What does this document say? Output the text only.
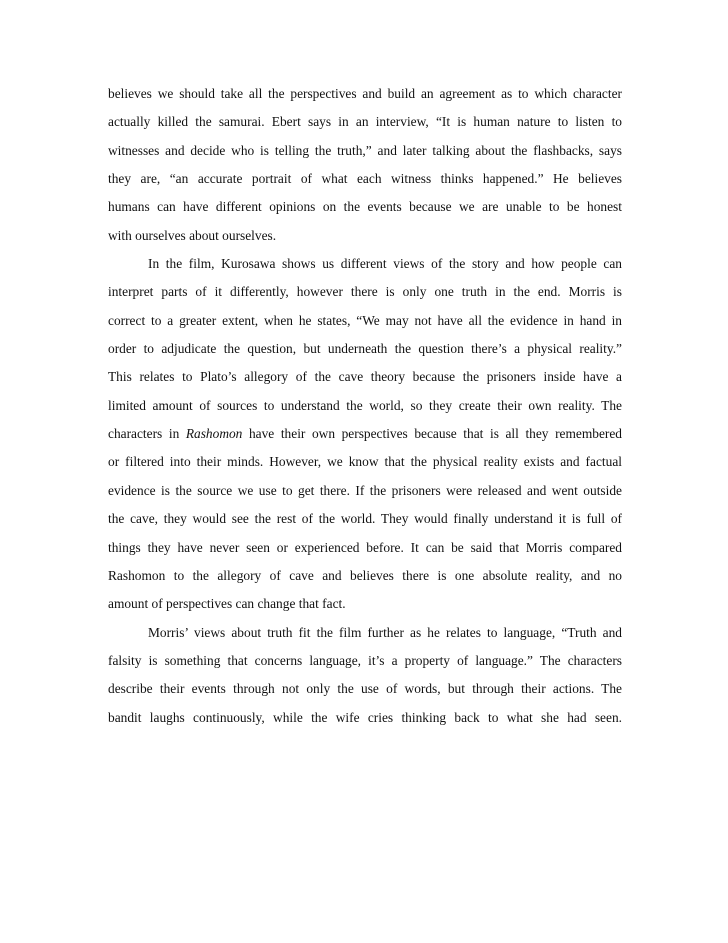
believes we should take all the perspectives and build an agreement as to which character
actually killed the samurai. Ebert says in an interview, “It is human nature to listen to
witnesses and decide who is telling the truth,” and later talking about the flashbacks, says
they are, “an accurate portrait of what each witness thinks happened.” He believes
humans can have different opinions on the events because we are unable to be honest
with ourselves about ourselves.
In the film, Kurosawa shows us different views of the story and how people can
interpret parts of it differently, however there is only one truth in the end. Morris is
correct to a greater extent, when he states, “We may not have all the evidence in hand in
order to adjudicate the question, but underneath the question there’s a physical reality.”
This relates to Plato’s allegory of the cave theory because the prisoners inside have a
limited amount of sources to understand the world, so they create their own reality. The
characters in Rashomon have their own perspectives because that is all they remembered
or filtered into their minds. However, we know that the physical reality exists and factual
evidence is the source we use to get there. If the prisoners were released and went outside
the cave, they would see the rest of the world. They would finally understand it is full of
things they have never seen or experienced before. It can be said that Morris compared
Rashomon to the allegory of cave and believes there is one absolute reality, and no
amount of perspectives can change that fact.
Morris’ views about truth fit the film further as he relates to language, “Truth and
falsity is something that concerns language, it’s a property of language.” The characters
describe their events through not only the use of words, but through their actions. The
bandit laughs continuously, while the wife cries thinking back to what she had seen.
